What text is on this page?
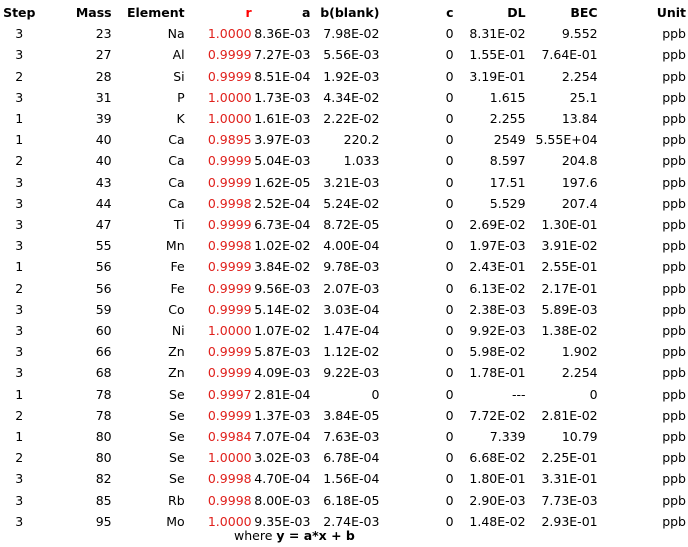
Step	Mass	Element	r	a	b(blank)	c	DL	BEC	Unit
3	23	Na	1.0000	8.36E-03	7.98E-02	0	8.31E-02	9.552	ppb
3	27	Al	0.9999	7.27E-03	5.56E-03	0	1.55E-01	7.64E-01	ppb
2	28	Si	0.9999	8.51E-04	1.92E-03	0	3.19E-01	2.254	ppb
3	31	P	1.0000	1.73E-03	4.34E-02	0	1.615	25.1	ppb
1	39	K	1.0000	1.61E-03	2.22E-02	0	2.255	13.84	ppb
1	40	Ca	0.9895	3.97E-03	220.2	0	2549	5.55E+04	ppb
2	40	Ca	0.9999	5.04E-03	1.033	0	8.597	204.8	ppb
3	43	Ca	0.9999	1.62E-05	3.21E-03	0	17.51	197.6	ppb
3	44	Ca	0.9998	2.52E-04	5.24E-02	0	5.529	207.4	ppb
3	47	Ti	0.9999	6.73E-04	8.72E-05	0	2.69E-02	1.30E-01	ppb
3	55	Mn	0.9998	1.02E-02	4.00E-04	0	1.97E-03	3.91E-02	ppb
1	56	Fe	0.9999	3.84E-02	9.78E-03	0	2.43E-01	2.55E-01	ppb
2	56	Fe	0.9999	9.56E-03	2.07E-03	0	6.13E-02	2.17E-01	ppb
3	59	Co	0.9999	5.14E-02	3.03E-04	0	2.38E-03	5.89E-03	ppb
3	60	Ni	1.0000	1.07E-02	1.47E-04	0	9.92E-03	1.38E-02	ppb
3	66	Zn	0.9999	5.87E-03	1.12E-02	0	5.98E-02	1.902	ppb
3	68	Zn	0.9999	4.09E-03	9.22E-03	0	1.78E-01	2.254	ppb
1	78	Se	0.9997	2.81E-04	0	0	---	0	ppb
2	78	Se	0.9999	1.37E-03	3.84E-05	0	7.72E-02	2.81E-02	ppb
1	80	Se	0.9984	7.07E-04	7.63E-03	0	7.339	10.79	ppb
2	80	Se	1.0000	3.02E-03	6.78E-04	0	6.68E-02	2.25E-01	ppb
3	82	Se	0.9998	4.70E-04	1.56E-04	0	1.80E-01	3.31E-01	ppb
3	85	Rb	0.9998	8.00E-03	6.18E-05	0	2.90E-03	7.73E-03	ppb
3	95	Mo	1.0000	9.35E-03	2.74E-03	0	1.48E-02	2.93E-01	ppb
where y = a*x + b
